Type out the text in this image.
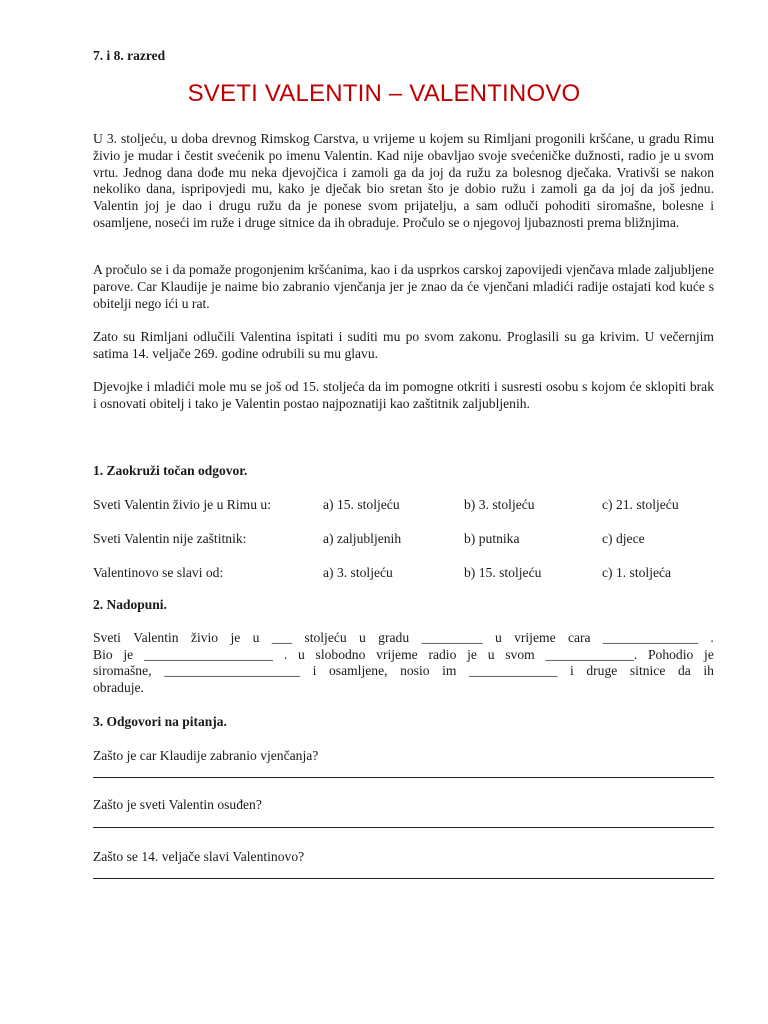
7. i 8. razred
SVETI VALENTIN – VALENTINOVO

U 3. stoljeću, u doba drevnog Rimskog Carstva, u vrijeme u kojem su Rimljani progonili kršćane, u gradu Rimu živio je mudar i čestit svećenik po imenu Valentin. Kad nije obavljao svoje svećeničke dužnosti, radio je u svom vrtu. Jednog dana dođe mu neka djevojčica i zamoli ga da joj da ružu za bolesnog dječaka. Vrativši se nakon nekoliko dana, ispripovjedi mu, kako je dječak bio sretan što je dobio ružu i zamoli ga da joj da još jednu. Valentin joj je dao i drugu ružu da je ponese svom prijatelju, a sam odluči pohoditi siromašne, bolesne i osamljene, noseći im ruže i druge sitnice da ih obraduje. Pročulo se o njegovoj ljubaznosti prema bližnjima.

A pročulo se i da pomaže progonjenim kršćanima, kao i da usprkos carskoj zapovijedi vjenčava mlade zaljubljene parove. Car Klaudije je naime bio zabranio vjenčanja jer je znao da će vjenčani mladići radije ostajati kod kuće s obitelji nego ići u rat.

Zato su Rimljani odlučili Valentina ispitati i suditi mu po svom zakonu. Proglasili su ga krivim. U večernjim satima 14. veljače 269. godine odrubili su mu glavu.

Djevojke i mladići mole mu se još od 15. stoljeća da im pomogne otkriti i susresti osobu s kojom će sklopiti brak i osnovati obitelj i tako je Valentin postao najpoznatiji kao zaštitnik zaljubljenih.

1. Zaokruži točan odgovor.
Sveti Valentin živio je u Rimu u:	a) 15. stoljeću	b) 3. stoljeću	c) 21. stoljeću
Sveti Valentin nije zaštitnik:	a) zaljubljenih	b) putnika	c) djece
Valentinovo se slavi od:	a) 3. stoljeću	b) 15. stoljeću	c) 1. stoljeća
2. Nadopuni.
Sveti Valentin živio je u ___ stoljeću u gradu _________ u vrijeme cara ______________ .
Bio je ___________________ . u slobodno vrijeme radio je u svom _____________. Pohodio je
siromašne, ____________________ i osamljene, nosio im _____________ i druge sitnice da ih
obraduje.
3. Odgovori na pitanja.
Zašto je car Klaudije zabranio vjenčanja?
Zašto je sveti Valentin osuđen?
Zašto se 14. veljače slavi Valentinovo?
